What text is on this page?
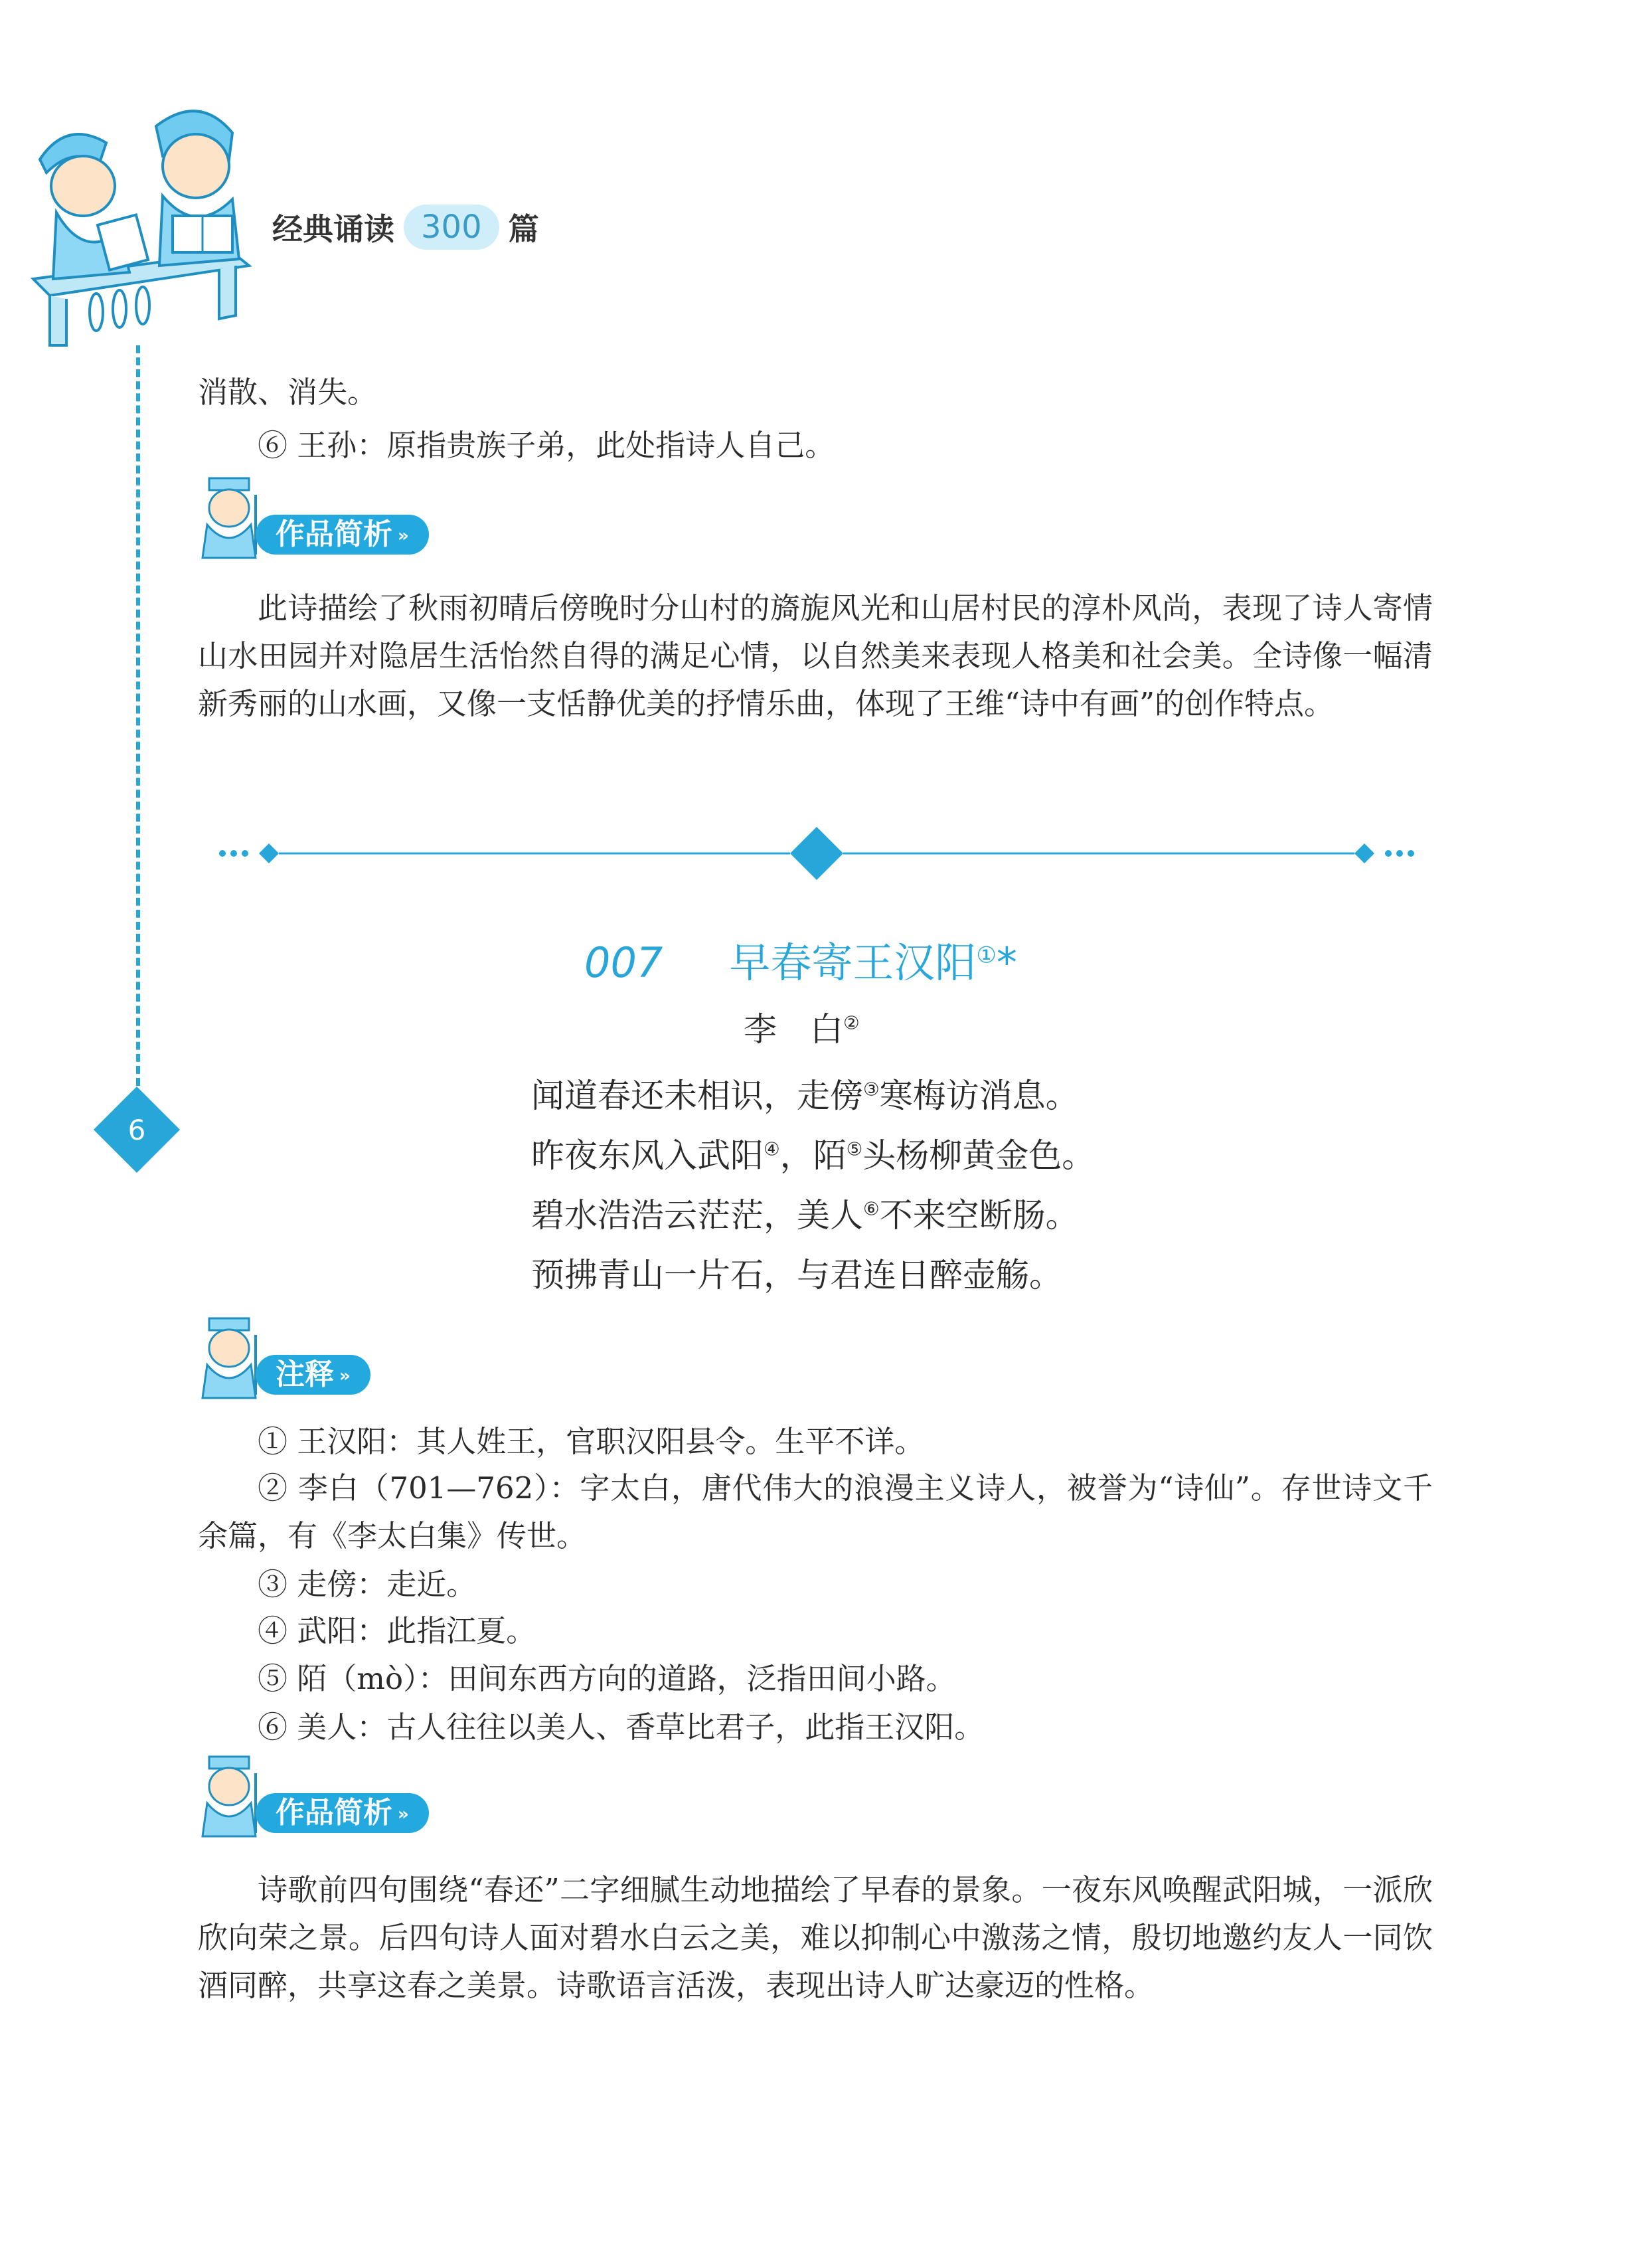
经典诵读 300 篇
6

消散、消失。

⑥ 王孙：原指贵族子弟，此处指诗人自己。

作品简析 »

此诗描绘了秋雨初晴后傍晚时分山村的旖旎风光和山居村民的淳朴风尚，表现了诗人寄情山水田园并对隐居生活怡然自得的满足心情，以自然美来表现人格美和社会美。全诗像一幅清新秀丽的山水画，又像一支恬静优美的抒情乐曲，体现了王维“诗中有画”的创作特点。

007 早春寄王汉阳①*
李　白②
闻道春还未相识，走傍③寒梅访消息。
昨夜东风入武阳④，陌⑤头杨柳黄金色。
碧水浩浩云茫茫，美人⑥不来空断肠。
预拂青山一片石，与君连日醉壶觞。
注释 »

① 王汉阳：其人姓王，官职汉阳县令。生平不详。

② 李白（701—762）：字太白，唐代伟大的浪漫主义诗人，被誉为“诗仙”。存世诗文千余篇，有《李太白集》传世。

③ 走傍：走近。

④ 武阳：此指江夏。

⑤ 陌（mò）：田间东西方向的道路，泛指田间小路。

⑥ 美人：古人往往以美人、香草比君子，此指王汉阳。

作品简析 »

诗歌前四句围绕“春还”二字细腻生动地描绘了早春的景象。一夜东风唤醒武阳城，一派欣欣向荣之景。后四句诗人面对碧水白云之美，难以抑制心中激荡之情，殷切地邀约友人一同饮酒同醉，共享这春之美景。诗歌语言活泼，表现出诗人旷达豪迈的性格。
